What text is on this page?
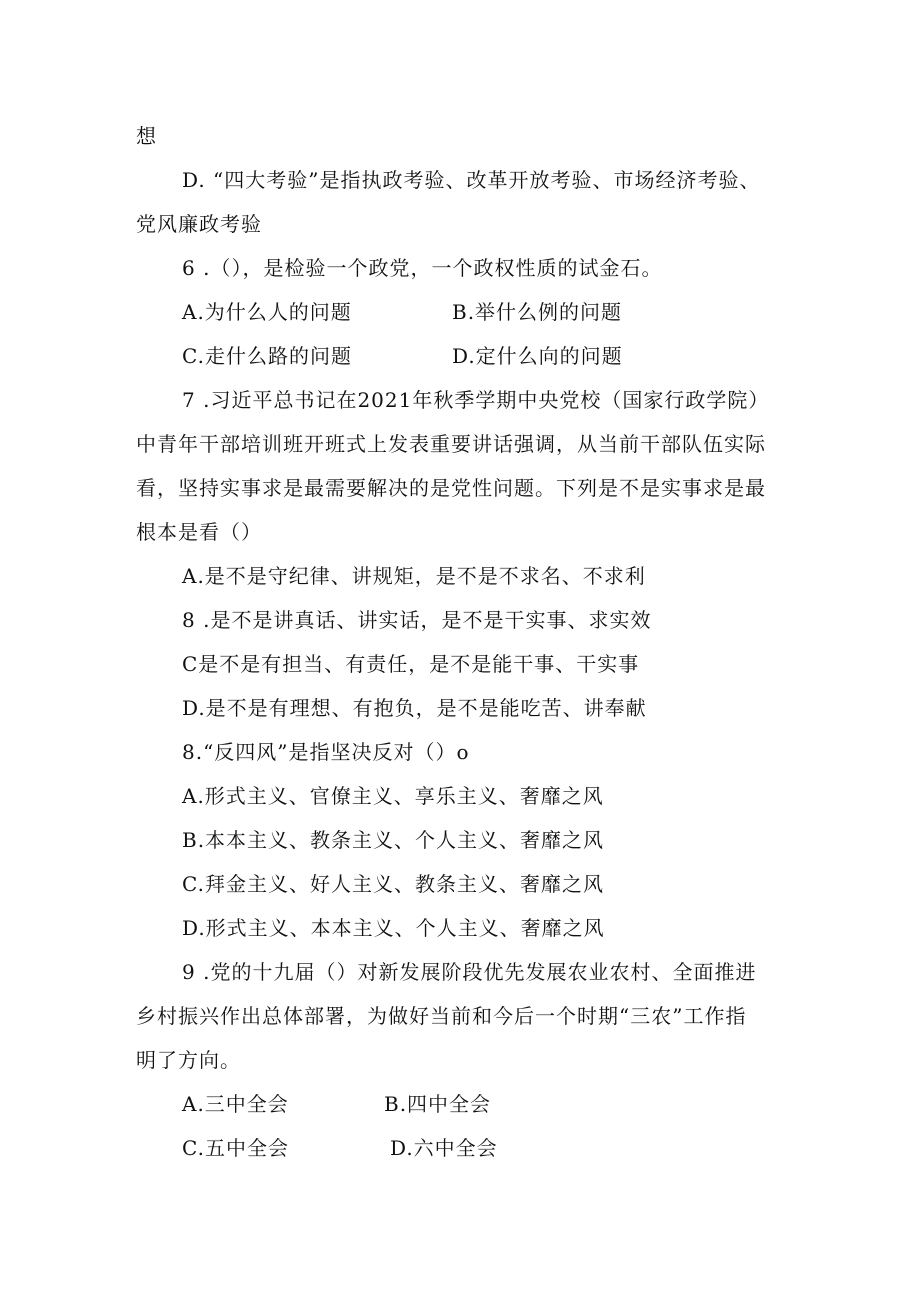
想
D. “四大考验”是指执政考验、改革开放考验、市场经济考验、
党风廉政考验
6 .（），是检验一个政党，一个政权性质的试金石。
A.为什么人的问题	B.举什么例的问题
C.走什么路的问题	D.定什么向的问题
7 .习近平总书记在2021年秋季学期中央党校（国家行政学院）
中青年干部培训班开班式上发表重要讲话强调，从当前干部队伍实际
看，坚持实事求是最需要解决的是党性问题。下列是不是实事求是最
根本是看（）
A.是不是守纪律、讲规矩，是不是不求名、不求利
8 .是不是讲真话、讲实话，是不是干实事、求实效
C是不是有担当、有责任，是不是能干事、干实事
D.是不是有理想、有抱负，是不是能吃苦、讲奉献
8.“反四风”是指坚决反对（）o
A.形式主义、官僚主义、享乐主义、奢靡之风
B.本本主义、教条主义、个人主义、奢靡之风
C.拜金主义、好人主义、教条主义、奢靡之风
D.形式主义、本本主义、个人主义、奢靡之风
9 .党的十九届（）对新发展阶段优先发展农业农村、全面推进
乡村振兴作出总体部署，为做好当前和今后一个时期“三农”工作指
明了方向。
A.三中全会	B.四中全会
C.五中全会	D.六中全会
